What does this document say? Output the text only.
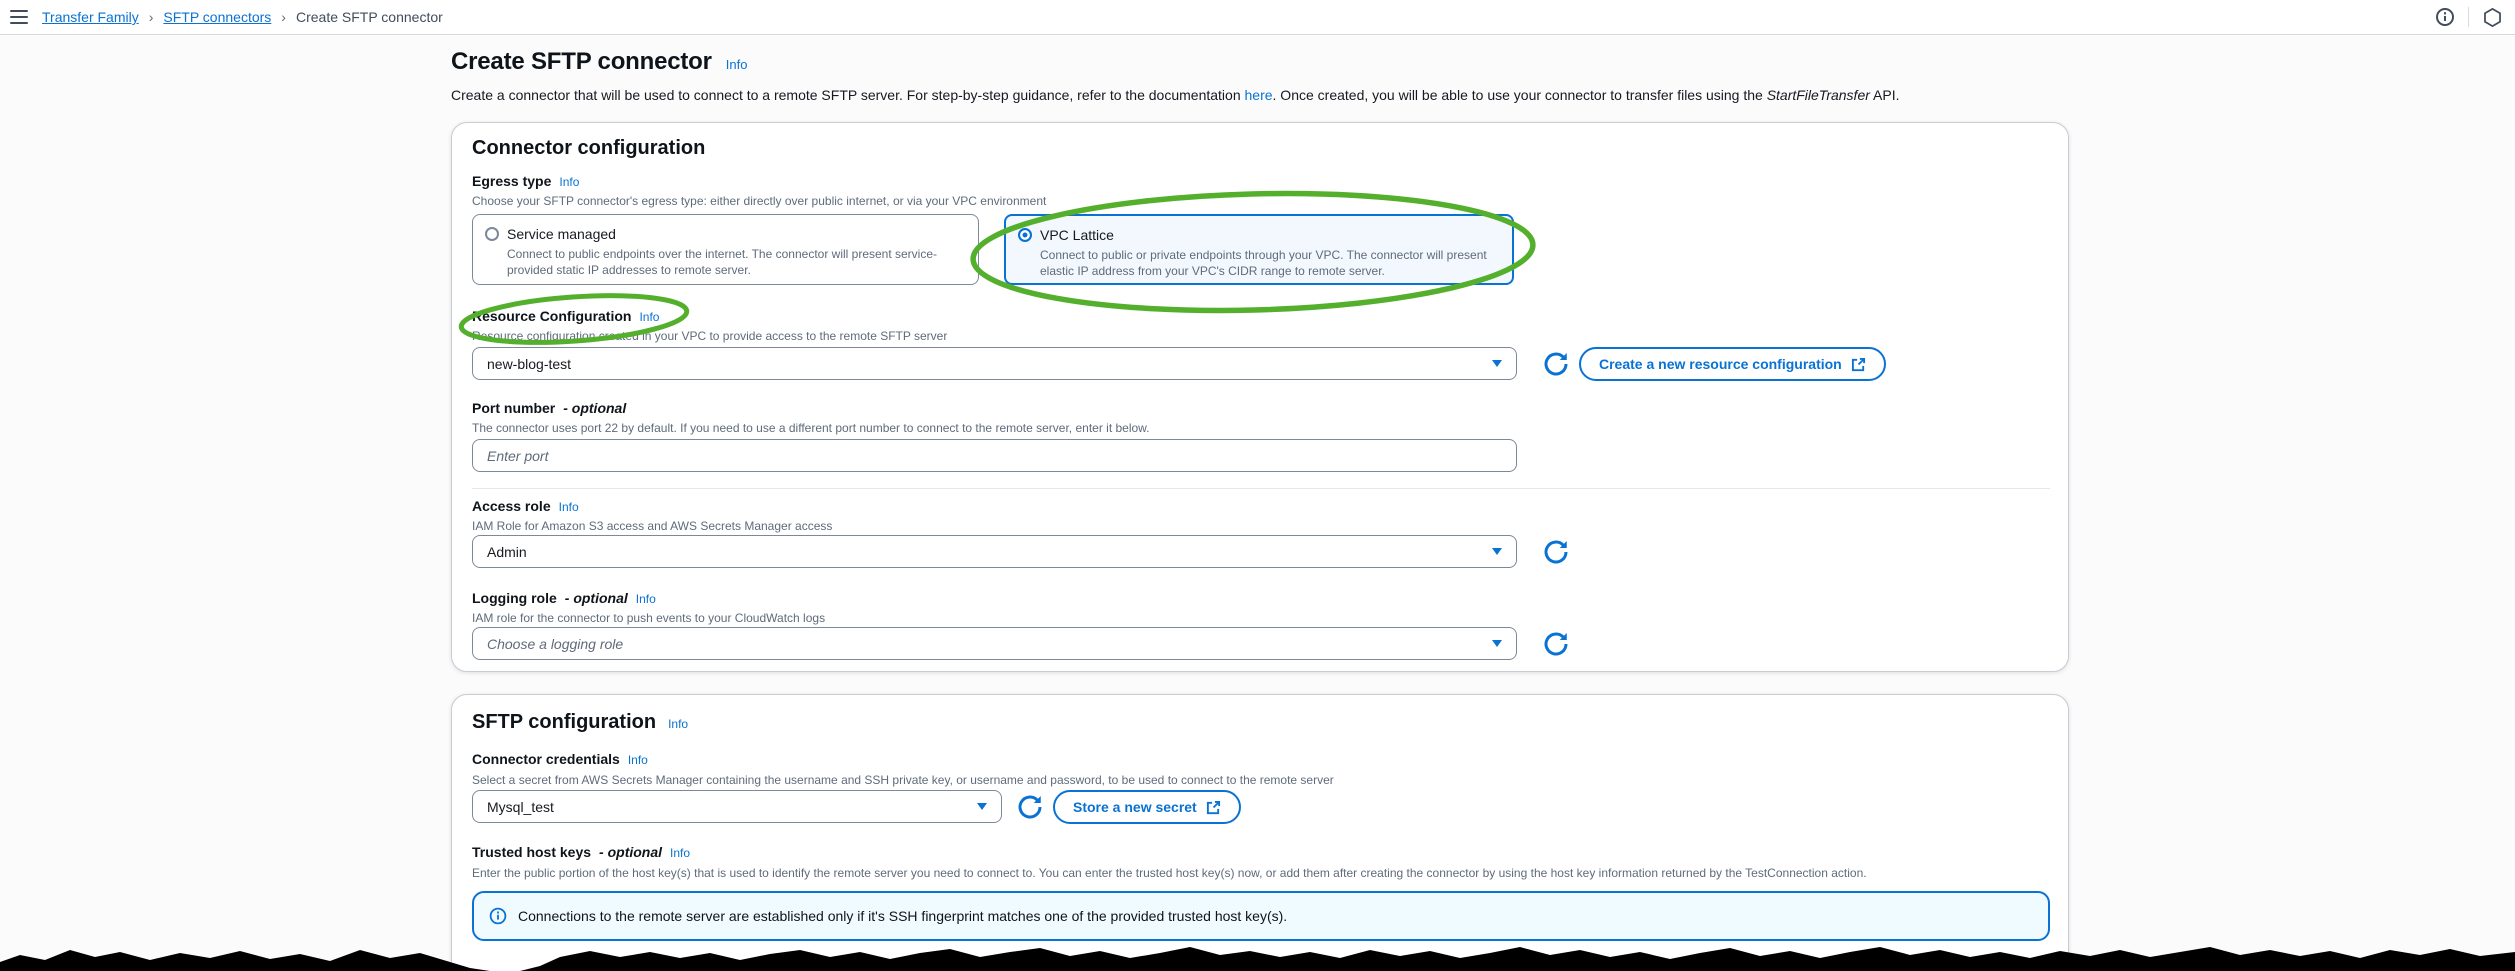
Transfer Family › SFTP connectors › Create SFTP connector
Create SFTP connector Info
Create a connector that will be used to connect to a remote SFTP server. For step-by-step guidance, refer to the documentation here. Once created, you will be able to use your connector to transfer files using the StartFileTransfer API.
Connector configuration
Egress type Info
Choose your SFTP connector's egress type: either directly over public internet, or via your VPC environment
Service managed
Connect to public endpoints over the internet. The connector will present service-provided static IP addresses to remote server.
VPC Lattice
Connect to public or private endpoints through your VPC. The connector will present elastic IP address from your VPC's CIDR range to remote server.
Resource Configuration Info
Resource configuration created in your VPC to provide access to the remote SFTP server
new-blog-test	Create a new resource configuration
Port number - optional
The connector uses port 22 by default. If you need to use a different port number to connect to the remote server, enter it below.
Enter port
Access role Info
IAM Role for Amazon S3 access and AWS Secrets Manager access
Admin
Logging role - optional Info
IAM role for the connector to push events to your CloudWatch logs
Choose a logging role
SFTP configuration Info
Connector credentials Info
Select a secret from AWS Secrets Manager containing the username and SSH private key, or username and password, to be used to connect to the remote server
Mysql_test	Store a new secret
Trusted host keys - optional Info
Enter the public portion of the host key(s) that is used to identify the remote server you need to connect to. You can enter the trusted host key(s) now, or add them after creating the connector by using the host key information returned by the TestConnection action.
Connections to the remote server are established only if it's SSH fingerprint matches one of the provided trusted host key(s).
